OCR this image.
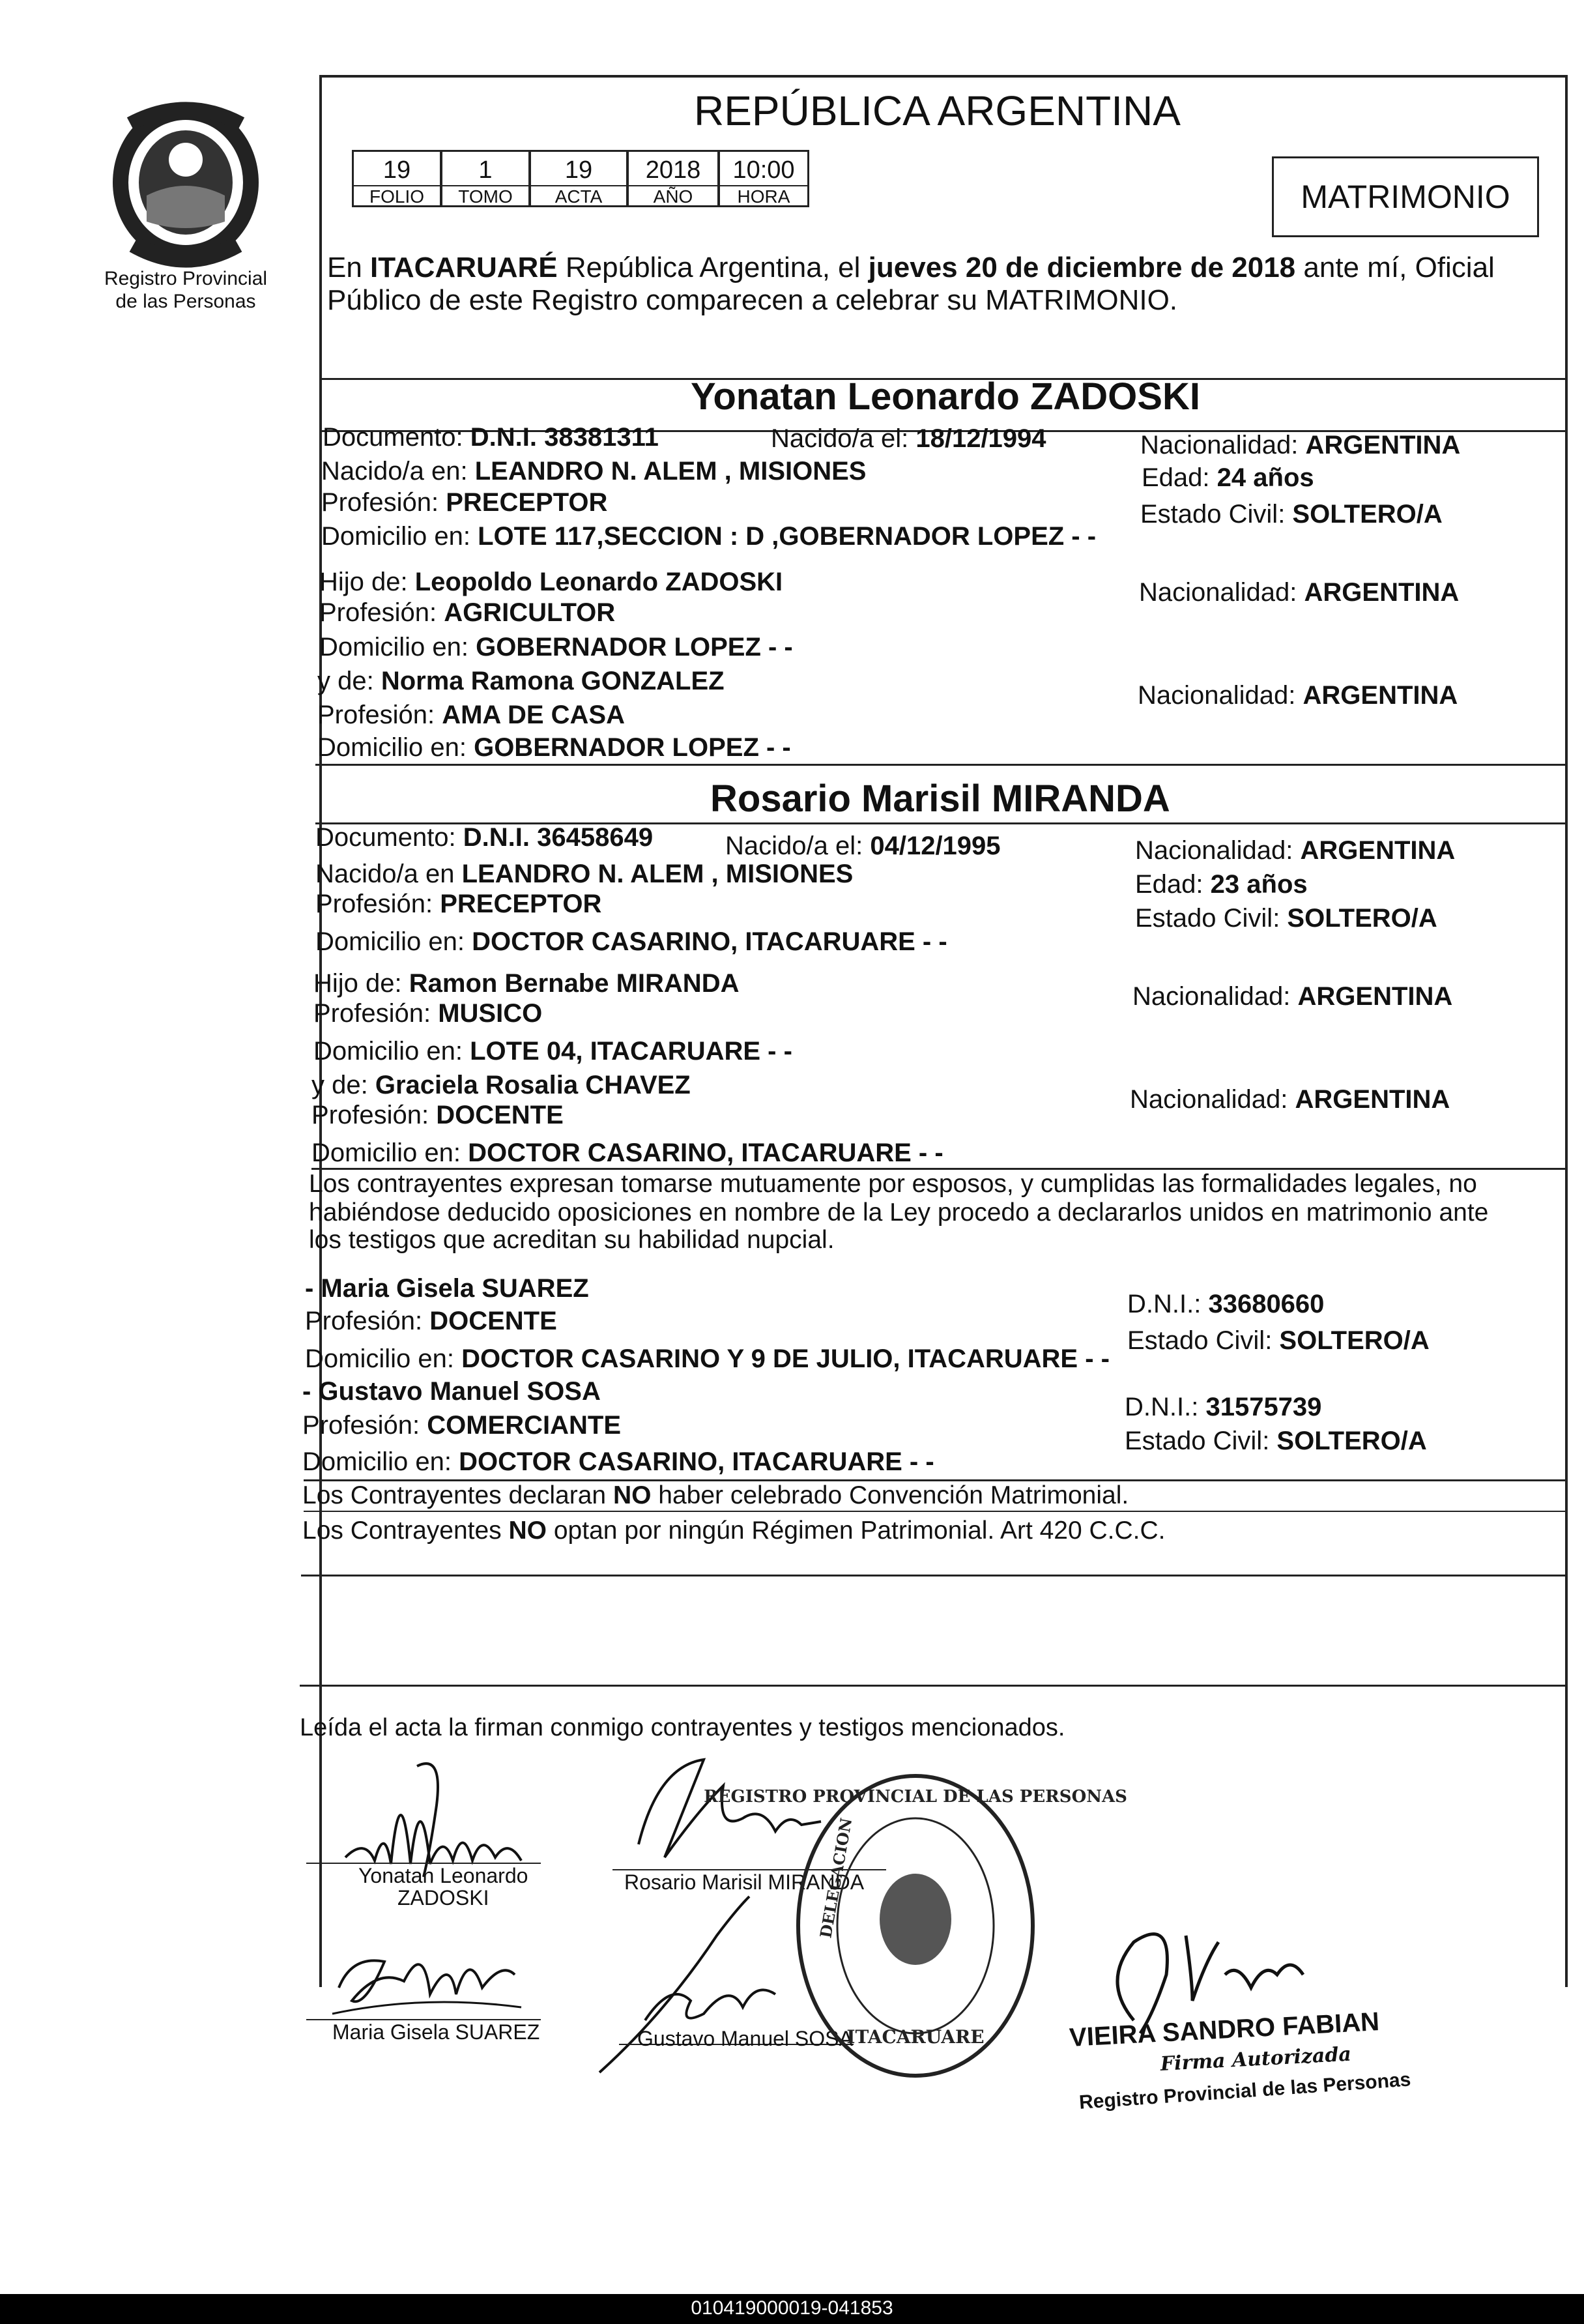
Registro Provincial
de las Personas
REPÚBLICA ARGENTINA
19	1	19	2018	10:00
FOLIO	TOMO	ACTA	AÑO	HORA	MATRIMONIO
En ITACARUARÉ República Argentina, el jueves 20 de diciembre de 2018 ante mí, Oficial
Público de este Registro comparecen a celebrar su MATRIMONIO.
Yonatan Leonardo ZADOSKI
Documento: D.N.I. 38381311	Nacido/a el: 18/12/1994	Nacionalidad: ARGENTINA
Nacido/a en: LEANDRO N. ALEM , MISIONES	Edad: 24 años
Profesión: PRECEPTOR	Estado Civil: SOLTERO/A
Domicilio en: LOTE 117,SECCION : D ,GOBERNADOR LOPEZ - -
Hijo de: Leopoldo Leonardo ZADOSKI	Nacionalidad: ARGENTINA
Profesión: AGRICULTOR
Domicilio en: GOBERNADOR LOPEZ - -
y de: Norma Ramona GONZALEZ	Nacionalidad: ARGENTINA
Profesión: AMA DE CASA
Domicilio en: GOBERNADOR LOPEZ - -
Rosario Marisil MIRANDA
Documento: D.N.I. 36458649	Nacido/a el: 04/12/1995	Nacionalidad: ARGENTINA
Nacido/a en LEANDRO N. ALEM , MISIONES	Edad: 23 años
Profesión: PRECEPTOR	Estado Civil: SOLTERO/A
Domicilio en: DOCTOR CASARINO, ITACARUARE - -
Hijo de: Ramon Bernabe MIRANDA	Nacionalidad: ARGENTINA
Profesión: MUSICO
Domicilio en: LOTE 04, ITACARUARE - -
y de: Graciela Rosalia CHAVEZ	Nacionalidad: ARGENTINA
Profesión: DOCENTE
Domicilio en: DOCTOR CASARINO, ITACARUARE - -
Los contrayentes expresan tomarse mutuamente por esposos, y cumplidas las formalidades legales, no
habiéndose deducido oposiciones en nombre de la Ley procedo a declararlos unidos en matrimonio ante
los testigos que acreditan su habilidad nupcial.
- Maria Gisela SUAREZ
Profesión: DOCENTE
Domicilio en: DOCTOR CASARINO Y 9 DE JULIO, ITACARUARE - -
D.N.I.: 33680660
Estado Civil: SOLTERO/A
- Gustavo Manuel SOSA
Profesión: COMERCIANTE
Domicilio en: DOCTOR CASARINO, ITACARUARE - -
D.N.I.: 31575739
Estado Civil: SOLTERO/A
Los Contrayentes declaran NO haber celebrado Convención Matrimonial.
Los Contrayentes NO optan por ningún Régimen Patrimonial. Art 420 C.C.C.
Leída el acta la firman conmigo contrayentes y testigos mencionados.
Yonatan Leonardo
ZADOSKI
Rosario Marisil MIRANDA
Maria Gisela SUAREZ	Gustavo Manuel SOSA
REGISTRO PROVINCIAL DE LAS PERSONAS
DELEGACION
ITACARUARE	VIEIRA SANDRO FABIAN
Firma Autorizada
Registro Provincial de las Personas
010419000019-041853
